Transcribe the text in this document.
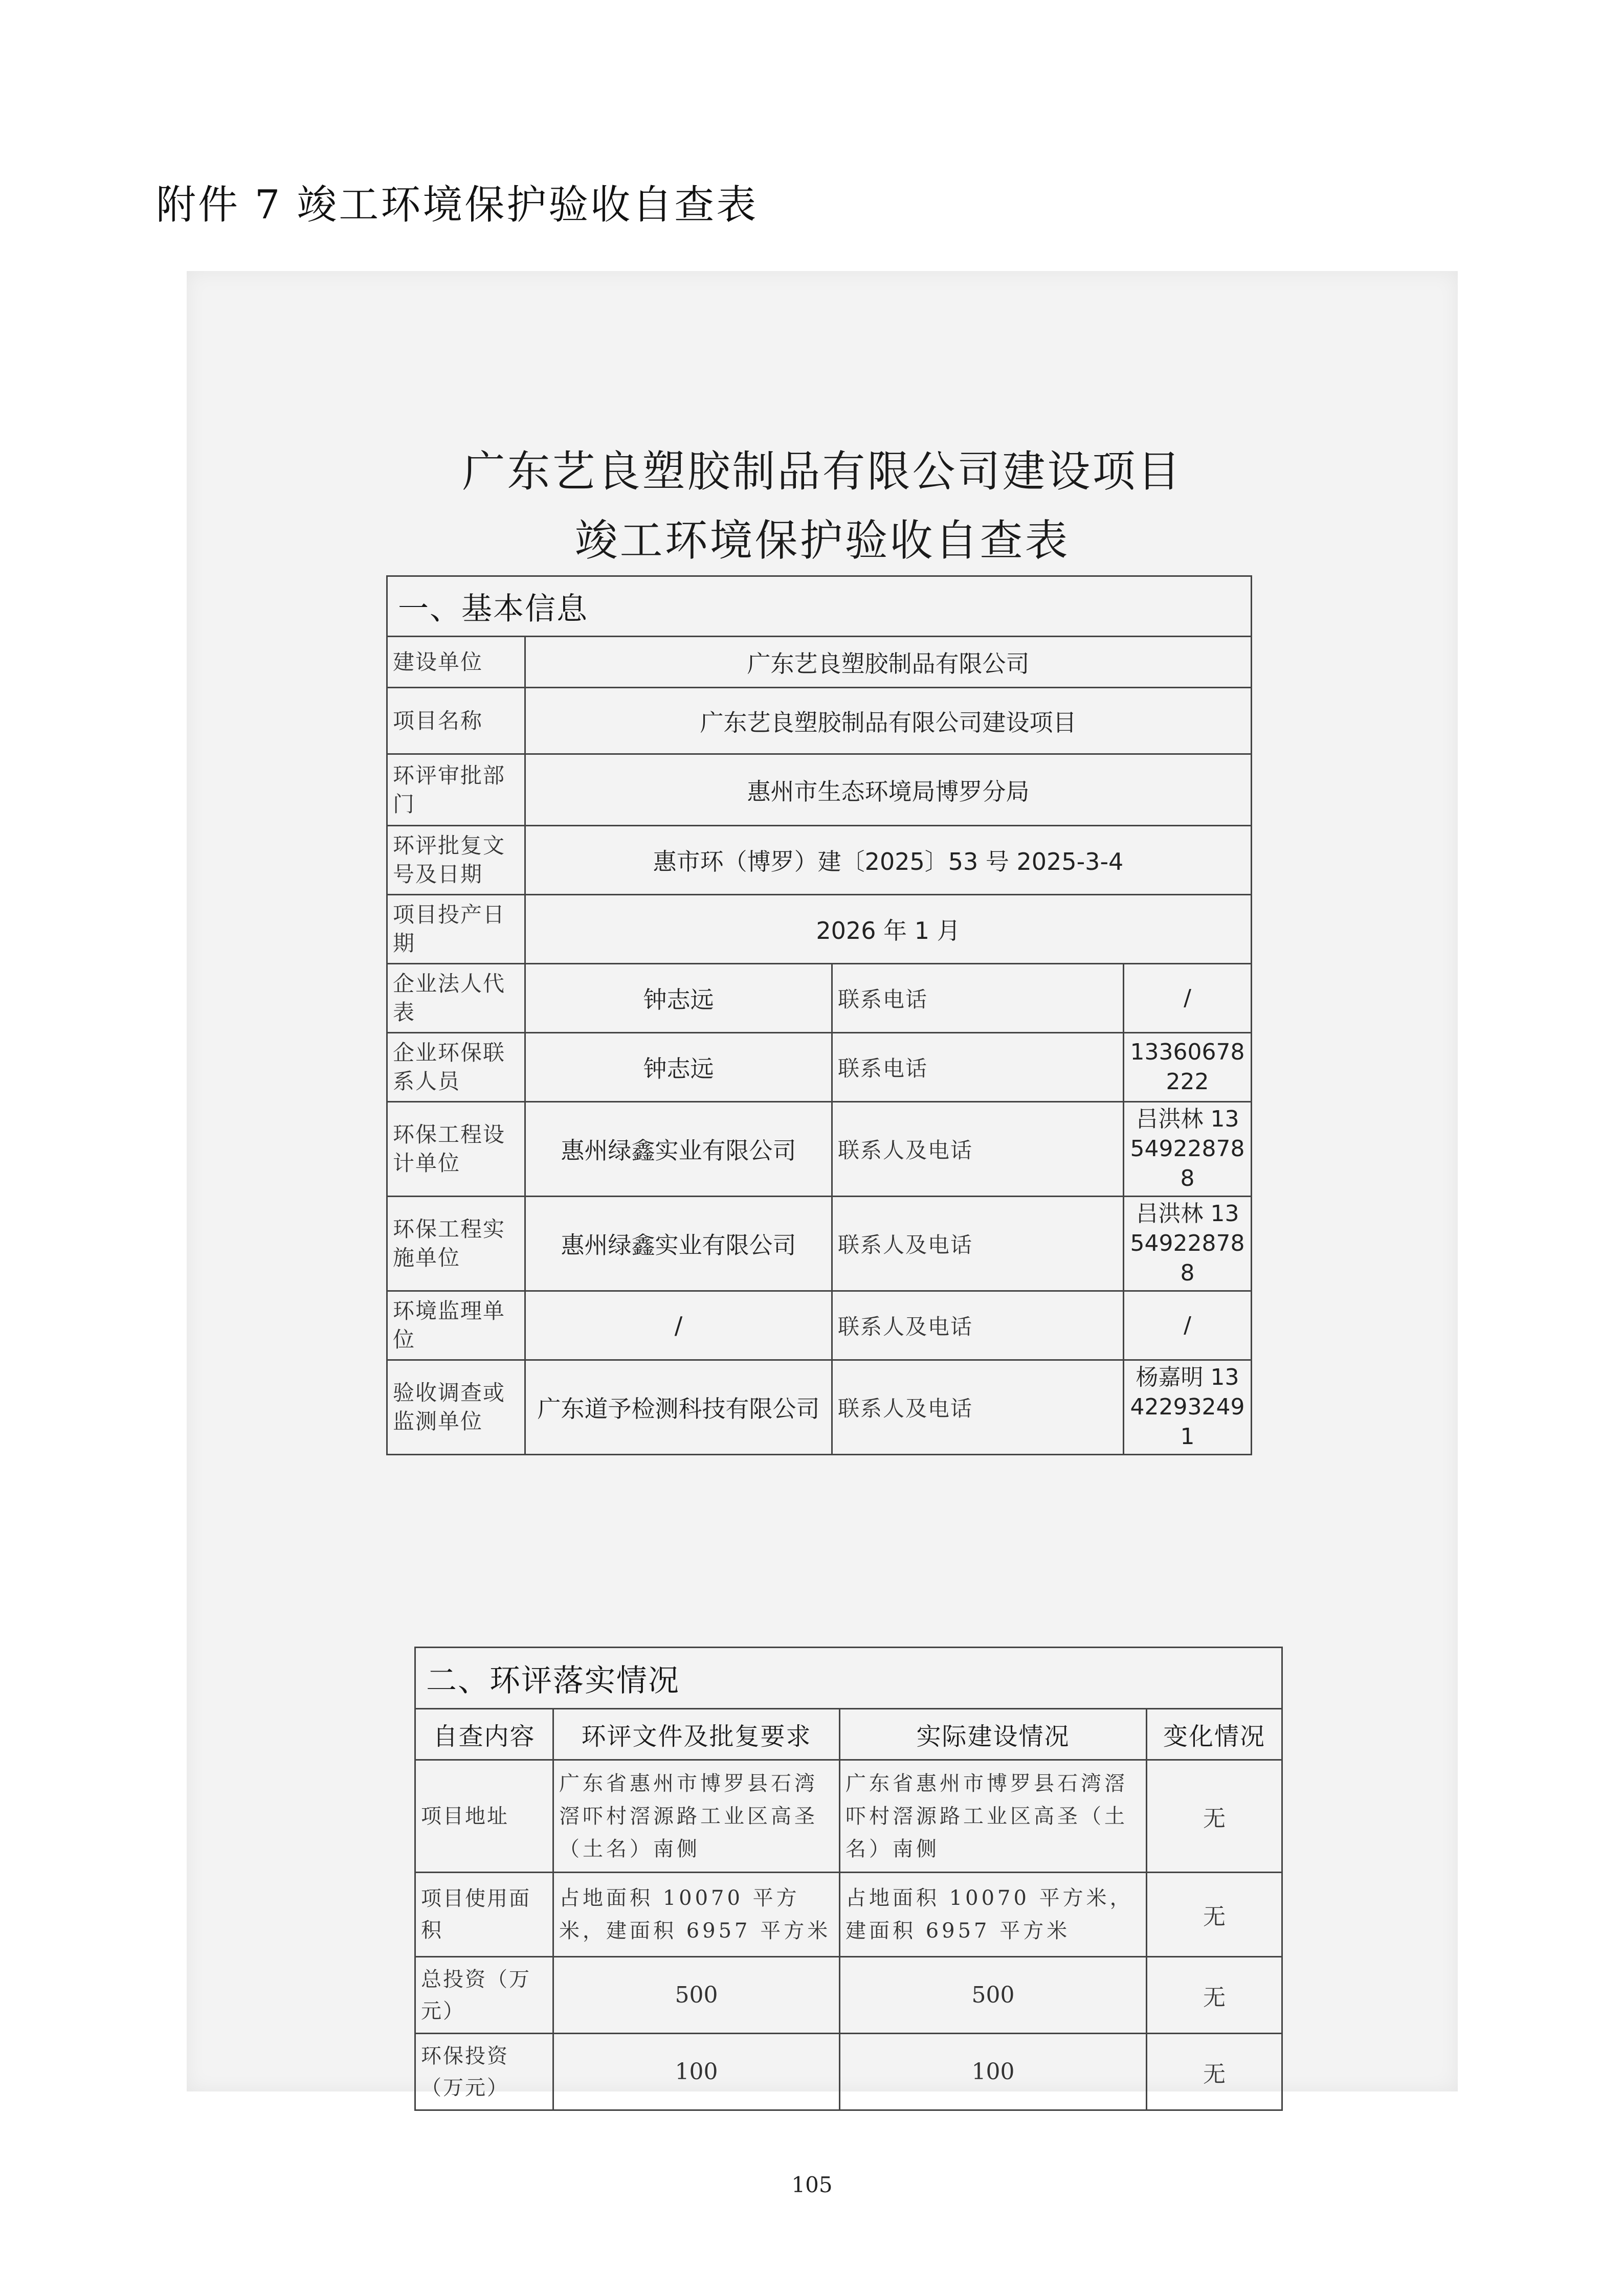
附件 7 竣工环境保护验收自查表
广东艺良塑胶制品有限公司建设项目
竣工环境保护验收自查表
一、基本信息			
建设单位	广东艺良塑胶制品有限公司		
项目名称	广东艺良塑胶制品有限公司建设项目		
环评审批部门	惠州市生态环境局博罗分局		
环评批复文号及日期	惠市环（博罗）建〔2025〕53 号 2025-3-4		
项目投产日期	2026 年 1 月		
企业法人代表	钟志远	联系电话	/
企业环保联系人员	钟志远	联系电话	13360678222
环保工程设计单位	惠州绿鑫实业有限公司	联系人及电话	吕洪林 13549228788
环保工程实施单位	惠州绿鑫实业有限公司	联系人及电话	吕洪林 13549228788
环境监理单位	/	联系人及电话	/
验收调查或监测单位	广东道予检测科技有限公司	联系人及电话	杨嘉明 13422932491
二、环评落实情况			
自查内容	环评文件及批复要求	实际建设情况	变化情况
项目地址	广东省惠州市博罗县石湾滘吓村滘源路工业区高圣（土名）南侧	广东省惠州市博罗县石湾滘吓村滘源路工业区高圣（土名）南侧	无
项目使用面积	占地面积 10070 平方米，建面积 6957 平方米	占地面积 10070 平方米，建面积 6957 平方米	无
总投资（万元）	500	500	无
环保投资（万元）	100	100	无
105
